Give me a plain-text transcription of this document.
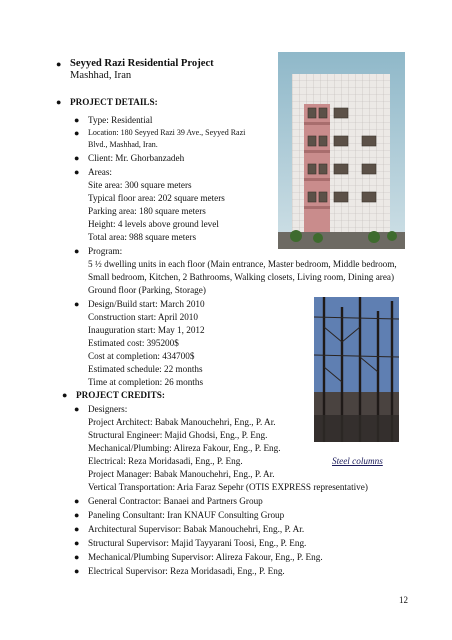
● Seyyed Razi Residential Project
Mashhad, Iran
● PROJECT DETAILS:
● Type: Residential
● Location: 180 Seyyed Razi 39 Ave., Seyyed Razi
Blvd., Mashhad, Iran.
● Client: Mr. Ghorbanzadeh
● Areas:
Site area: 300 square meters
Typical floor area: 202 square meters
Parking area: 180 square meters
Height: 4 levels above ground level
Total area: 988 square meters
● Program:
5 ½ dwelling units in each floor (Main entrance, Master bedroom, Middle bedroom,
Small bedroom, Kitchen, 2 Bathrooms, Walking closets, Living room, Dining area)
Ground floor (Parking, Storage)
● Design/Build start: March 2010
Construction start: April 2010
Inauguration start: May 1, 2012
Estimated cost: 395200$
Cost at completion: 434700$
Estimated schedule: 22 months
Time at completion: 26 months
● PROJECT CREDITS:
● Designers:
Project Architect: Babak Manouchehri, Eng., P. Ar.
Structural Engineer: Majid Ghodsi, Eng., P. Eng.
Mechanical/Plumbing: Alireza Fakour, Eng., P. Eng.
Electrical: Reza Moridasadi, Eng., P. Eng.
Project Manager: Babak Manouchehri, Eng., P. Ar.
Vertical Transportation: Aria Faraz Sepehr (OTIS EXPRESS representative)
● General Contractor: Banaei and Partners Group
● Paneling Consultant: Iran KNAUF Consulting Group
● Architectural Supervisor: Babak Manouchehri, Eng., P. Ar.
● Structural Supervisor: Majid Tayyarani Toosi, Eng., P. Eng.
● Mechanical/Plumbing Supervisor: Alireza Fakour, Eng., P. Eng.
● Electrical Supervisor: Reza Moridasadi, Eng., P. Eng.
Steel columns
12
